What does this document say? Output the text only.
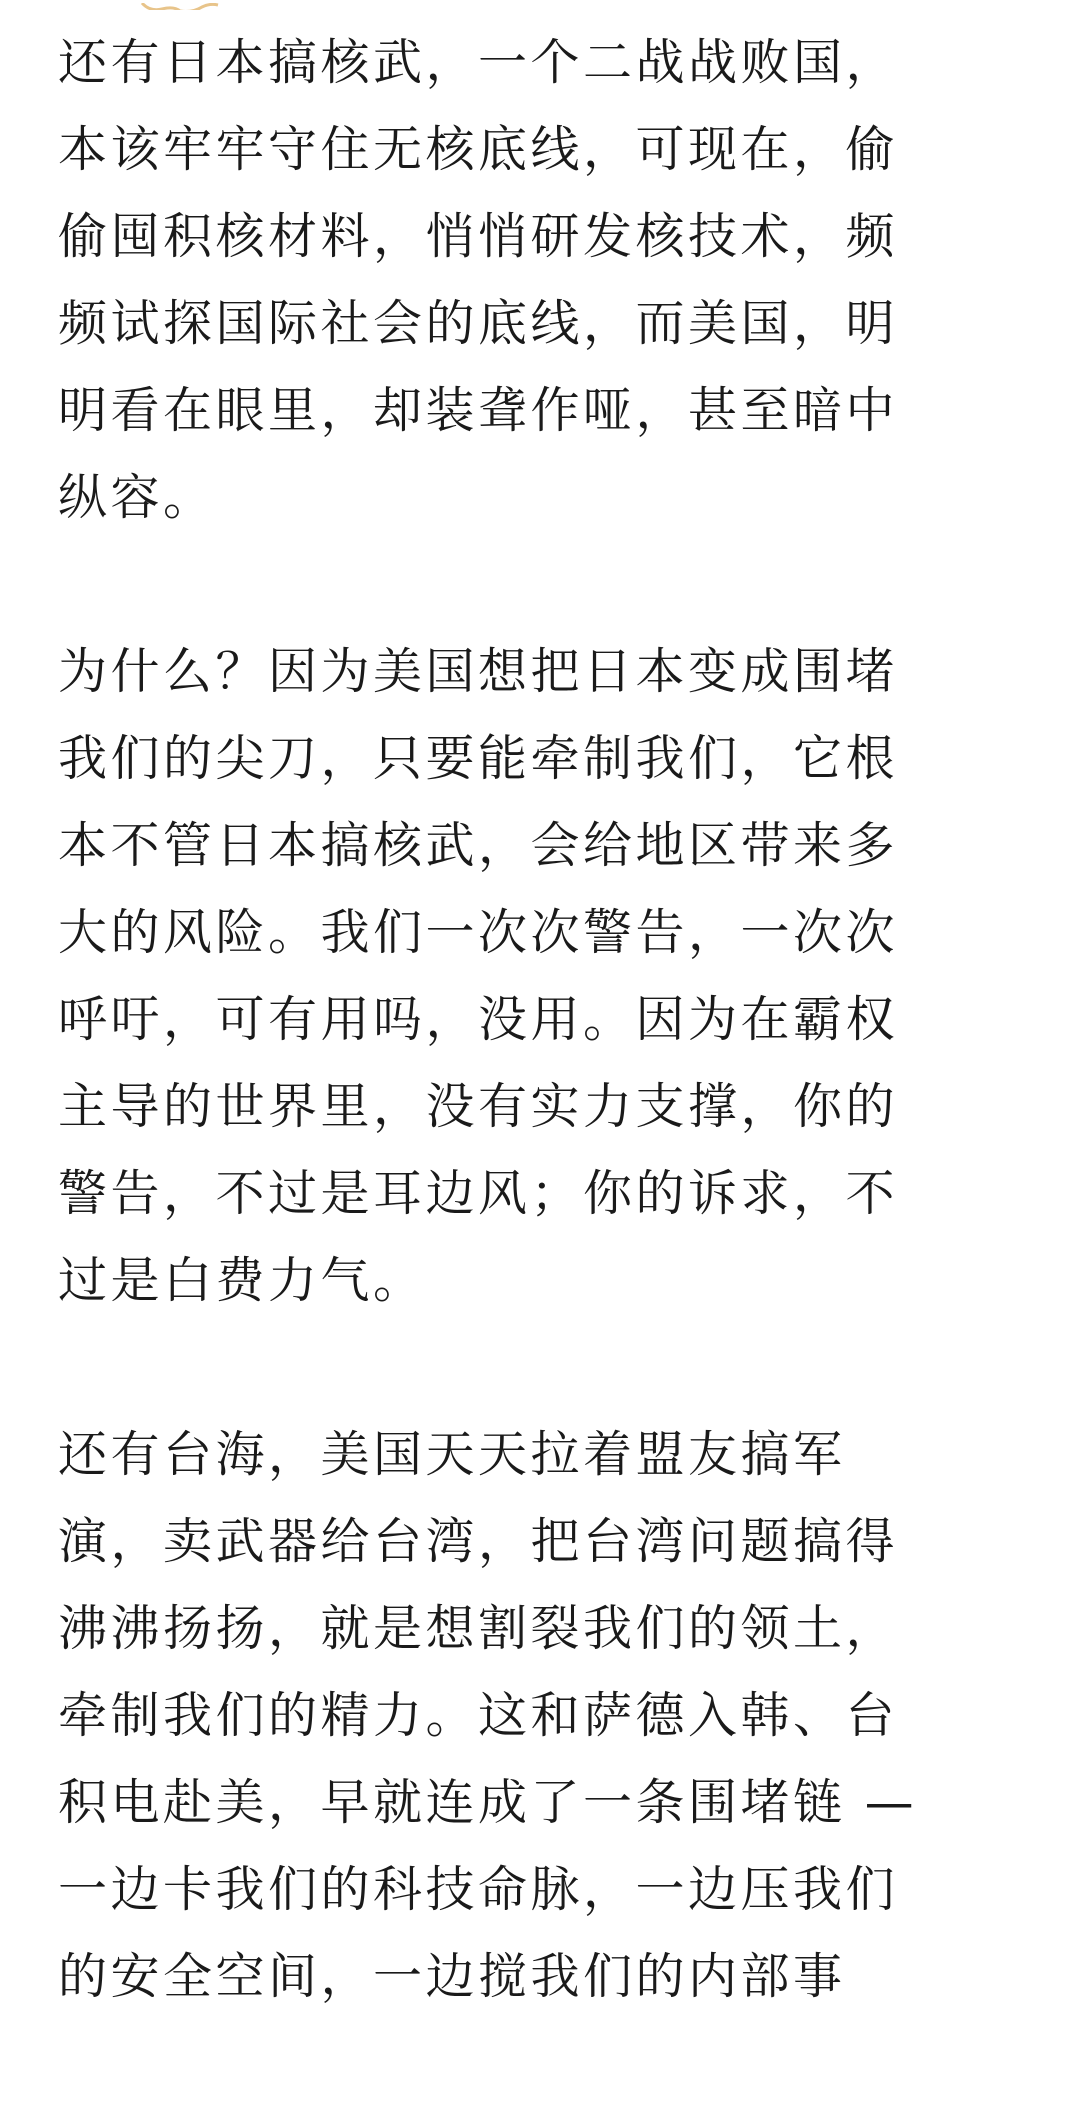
还有日本搞核武，一个二战战败国，
本该牢牢守住无核底线，可现在，偷
偷囤积核材料，悄悄研发核技术，频
频试探国际社会的底线，而美国，明
明看在眼里，却装聋作哑，甚至暗中
纵容。

为什么？因为美国想把日本变成围堵
我们的尖刀，只要能牵制我们，它根
本不管日本搞核武，会给地区带来多
大的风险。我们一次次警告，一次次
呼吁，可有用吗，没用。因为在霸权
主导的世界里，没有实力支撑，你的
警告，不过是耳边风；你的诉求，不
过是白费力气。

还有台海，美国天天拉着盟友搞军
演，卖武器给台湾，把台湾问题搞得
沸沸扬扬，就是想割裂我们的领土，
牵制我们的精力。这和萨德入韩、台
积电赴美，早就连成了一条围堵链 —
一边卡我们的科技命脉，一边压我们
的安全空间，一边搅我们的内部事
